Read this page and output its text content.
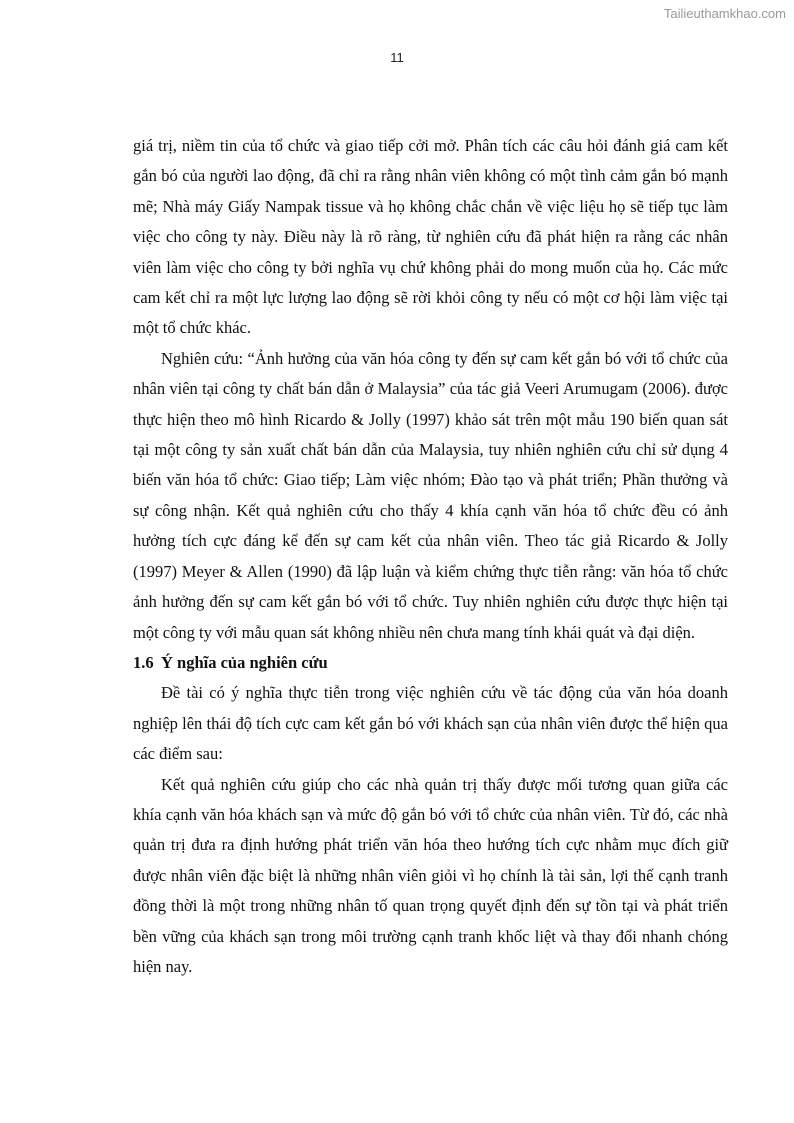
Tailieuthamkhao.com
11

giá trị, niềm tin của tổ chức và giao tiếp cởi mở. Phân tích các câu hỏi đánh giá cam kết gắn bó của người lao động, đã chỉ ra rằng nhân viên không có một tình cảm gắn bó mạnh mẽ; Nhà máy Giấy Nampak tissue và họ không chắc chắn về việc liệu họ sẽ tiếp tục làm việc cho công ty này. Điều này là rõ ràng, từ nghiên cứu đã phát hiện ra rằng các nhân viên làm việc cho công ty bởi nghĩa vụ chứ không phải do mong muốn của họ. Các mức cam kết chỉ ra một lực lượng lao động sẽ rời khỏi công ty nếu có một cơ hội làm việc tại một tổ chức khác.

Nghiên cứu: “Ảnh hưởng của văn hóa công ty đến sự cam kết gắn bó với tổ chức của nhân viên tại công ty chất bán dẫn ở Malaysia” của tác giả Veeri Arumugam (2006). được thực hiện theo mô hình Ricardo & Jolly (1997) khảo sát trên một mẫu 190 biến quan sát tại một công ty sản xuất chất bán dẫn của Malaysia, tuy nhiên nghiên cứu chỉ sử dụng 4 biến văn hóa tổ chức: Giao tiếp; Làm việc nhóm; Đào tạo và phát triển; Phần thưởng và sự công nhận. Kết quả nghiên cứu cho thấy 4 khía cạnh văn hóa tổ chức đều có ảnh hưởng tích cực đáng kể đến sự cam kết của nhân viên. Theo tác giả Ricardo & Jolly (1997) Meyer & Allen (1990) đã lập luận và kiểm chứng thực tiễn rằng: văn hóa tổ chức ảnh hưởng đến sự cam kết gắn bó với tổ chức. Tuy nhiên nghiên cứu được thực hiện tại một công ty với mẫu quan sát không nhiều nên chưa mang tính khái quát và đại diện.

1.6 Ý nghĩa của nghiên cứu

Đề tài có ý nghĩa thực tiễn trong việc nghiên cứu về tác động của văn hóa doanh nghiệp lên thái độ tích cực cam kết gắn bó với khách sạn của nhân viên được thể hiện qua các điểm sau:

Kết quả nghiên cứu giúp cho các nhà quản trị thấy được mối tương quan giữa các khía cạnh văn hóa khách sạn và mức độ gắn bó với tổ chức của nhân viên. Từ đó, các nhà quản trị đưa ra định hướng phát triển văn hóa theo hướng tích cực nhằm mục đích giữ được nhân viên đặc biệt là những nhân viên giỏi vì họ chính là tài sản, lợi thế cạnh tranh đồng thời là một trong những nhân tố quan trọng quyết định đến sự tồn tại và phát triển bền vững của khách sạn trong môi trường cạnh tranh khốc liệt và thay đổi nhanh chóng hiện nay.
